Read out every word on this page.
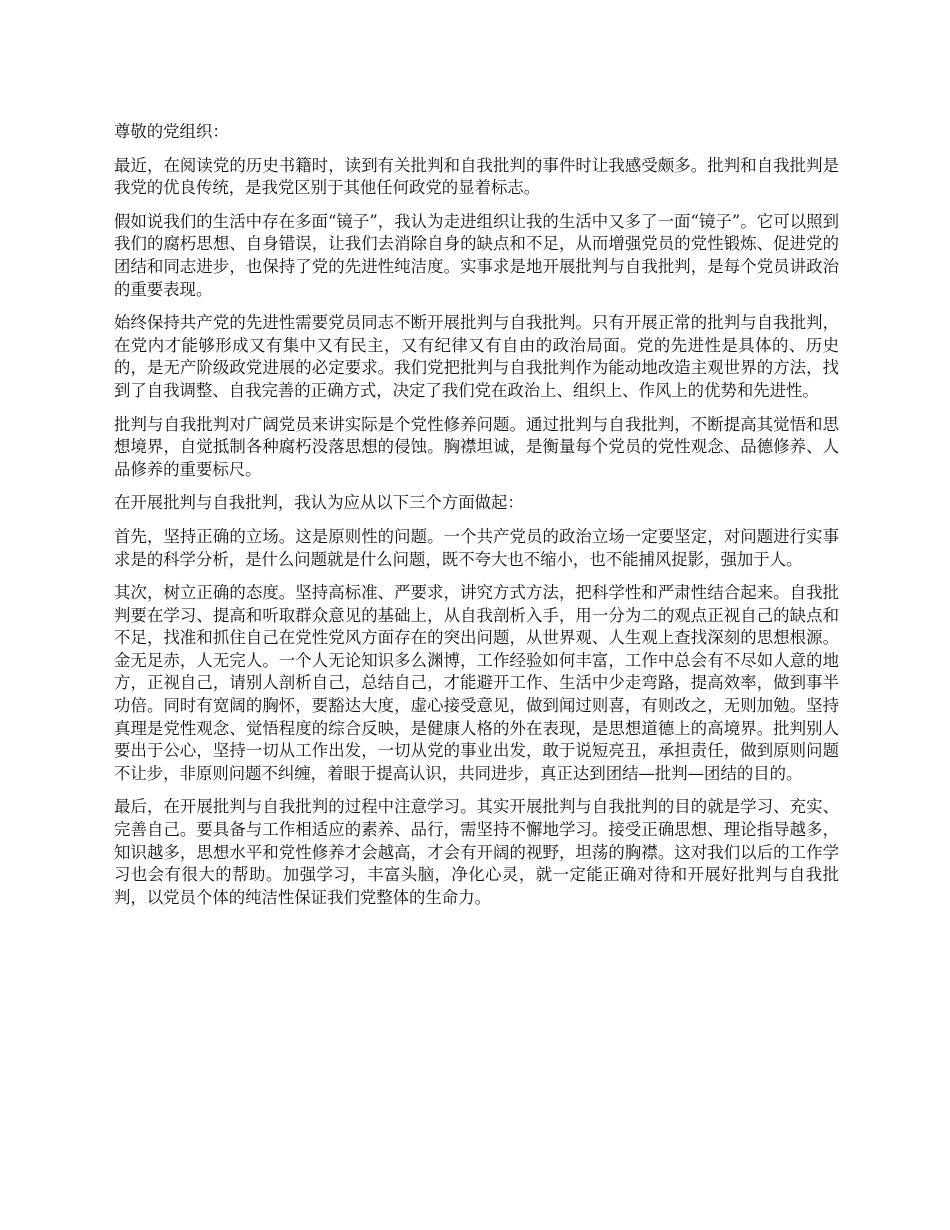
尊敬的党组织：

最近，在阅读党的历史书籍时，读到有关批判和自我批判的事件时让我感受颇多。批判和自我批判是我党的优良传统，是我党区别于其他任何政党的显着标志。

假如说我们的生活中存在多面“镜子”，我认为走进组织让我的生活中又多了一面“镜子”。它可以照到我们的腐朽思想、自身错误，让我们去消除自身的缺点和不足，从而增强党员的党性锻炼、促进党的团结和同志进步，也保持了党的先进性纯洁度。实事求是地开展批判与自我批判，是每个党员讲政治的重要表现。

始终保持共产党的先进性需要党员同志不断开展批判与自我批判。只有开展正常的批判与自我批判，在党内才能够形成又有集中又有民主，又有纪律又有自由的政治局面。党的先进性是具体的、历史的，是无产阶级政党进展的必定要求。我们党把批判与自我批判作为能动地改造主观世界的方法，找到了自我调整、自我完善的正确方式，决定了我们党在政治上、组织上、作风上的优势和先进性。

批判与自我批判对广阔党员来讲实际是个党性修养问题。通过批判与自我批判，不断提高其觉悟和思想境界，自觉抵制各种腐朽没落思想的侵蚀。胸襟坦诚，是衡量每个党员的党性观念、品德修养、人品修养的重要标尺。

在开展批判与自我批判，我认为应从以下三个方面做起：

首先，坚持正确的立场。这是原则性的问题。一个共产党员的政治立场一定要坚定，对问题进行实事求是的科学分析，是什么问题就是什么问题，既不夸大也不缩小，也不能捕风捉影，强加于人。

其次，树立正确的态度。坚持高标准、严要求，讲究方式方法，把科学性和严肃性结合起来。自我批判要在学习、提高和听取群众意见的基础上，从自我剖析入手，用一分为二的观点正视自己的缺点和不足，找准和抓住自己在党性党风方面存在的突出问题，从世界观、人生观上查找深刻的思想根源。金无足赤，人无完人。一个人无论知识多么渊博，工作经验如何丰富，工作中总会有不尽如人意的地方，正视自己，请别人剖析自己，总结自己，才能避开工作、生活中少走弯路，提高效率，做到事半功倍。同时有宽阔的胸怀，要豁达大度，虚心接受意见，做到闻过则喜，有则改之，无则加勉。坚持真理是党性观念、觉悟程度的综合反映，是健康人格的外在表现，是思想道德上的高境界。批判别人要出于公心，坚持一切从工作出发，一切从党的事业出发，敢于说短亮丑，承担责任，做到原则问题不让步，非原则问题不纠缠，着眼于提高认识，共同进步，真正达到团结—批判—团结的目的。

最后，在开展批判与自我批判的过程中注意学习。其实开展批判与自我批判的目的就是学习、充实、完善自己。要具备与工作相适应的素养、品行，需坚持不懈地学习。接受正确思想、理论指导越多，知识越多，思想水平和党性修养才会越高，才会有开阔的视野，坦荡的胸襟。这对我们以后的工作学习也会有很大的帮助。加强学习，丰富头脑，净化心灵，就一定能正确对待和开展好批判与自我批判，以党员个体的纯洁性保证我们党整体的生命力。
